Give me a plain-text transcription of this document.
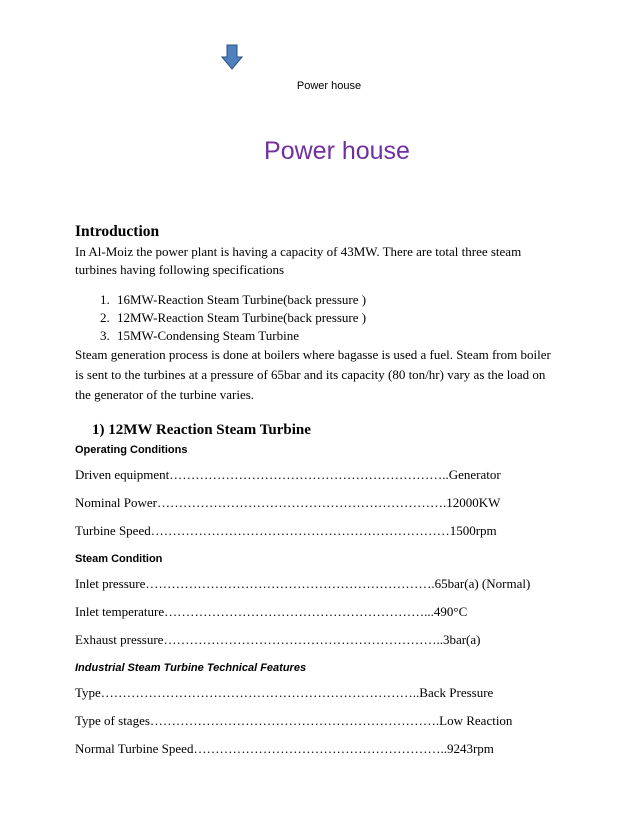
Power house
Power house
Introduction

In Al-Moiz the power plant is having a capacity of 43MW. There are total three steam turbines having following specifications

1. 16MW-Reaction Steam Turbine(back pressure )
2. 12MW-Reaction Steam Turbine(back pressure )
3. 15MW-Condensing Steam Turbine

Steam generation process is done at boilers where bagasse is used a fuel. Steam from boiler is sent to the turbines at a pressure of 65bar and its capacity (80 ton/hr) vary as the load on the generator of the turbine varies.

1) 12MW Reaction Steam Turbine
Operating Conditions
Driven equipment………………………………………………………..Generator
Nominal Power………………………………………………………….12000KW
Turbine Speed……………………………………………………………1500rpm
Steam Condition
Inlet pressure………………………………………………………….65bar(a) (Normal)
Inlet temperature……………………………………………………...490°C
Exhaust pressure………………………………………………………..3bar(a)
Industrial Steam Turbine Technical Features
Type………………………………………………………………..Back Pressure
Type of stages………………………………………………………….Low Reaction
Normal Turbine Speed…………………………………………………..9243rpm
